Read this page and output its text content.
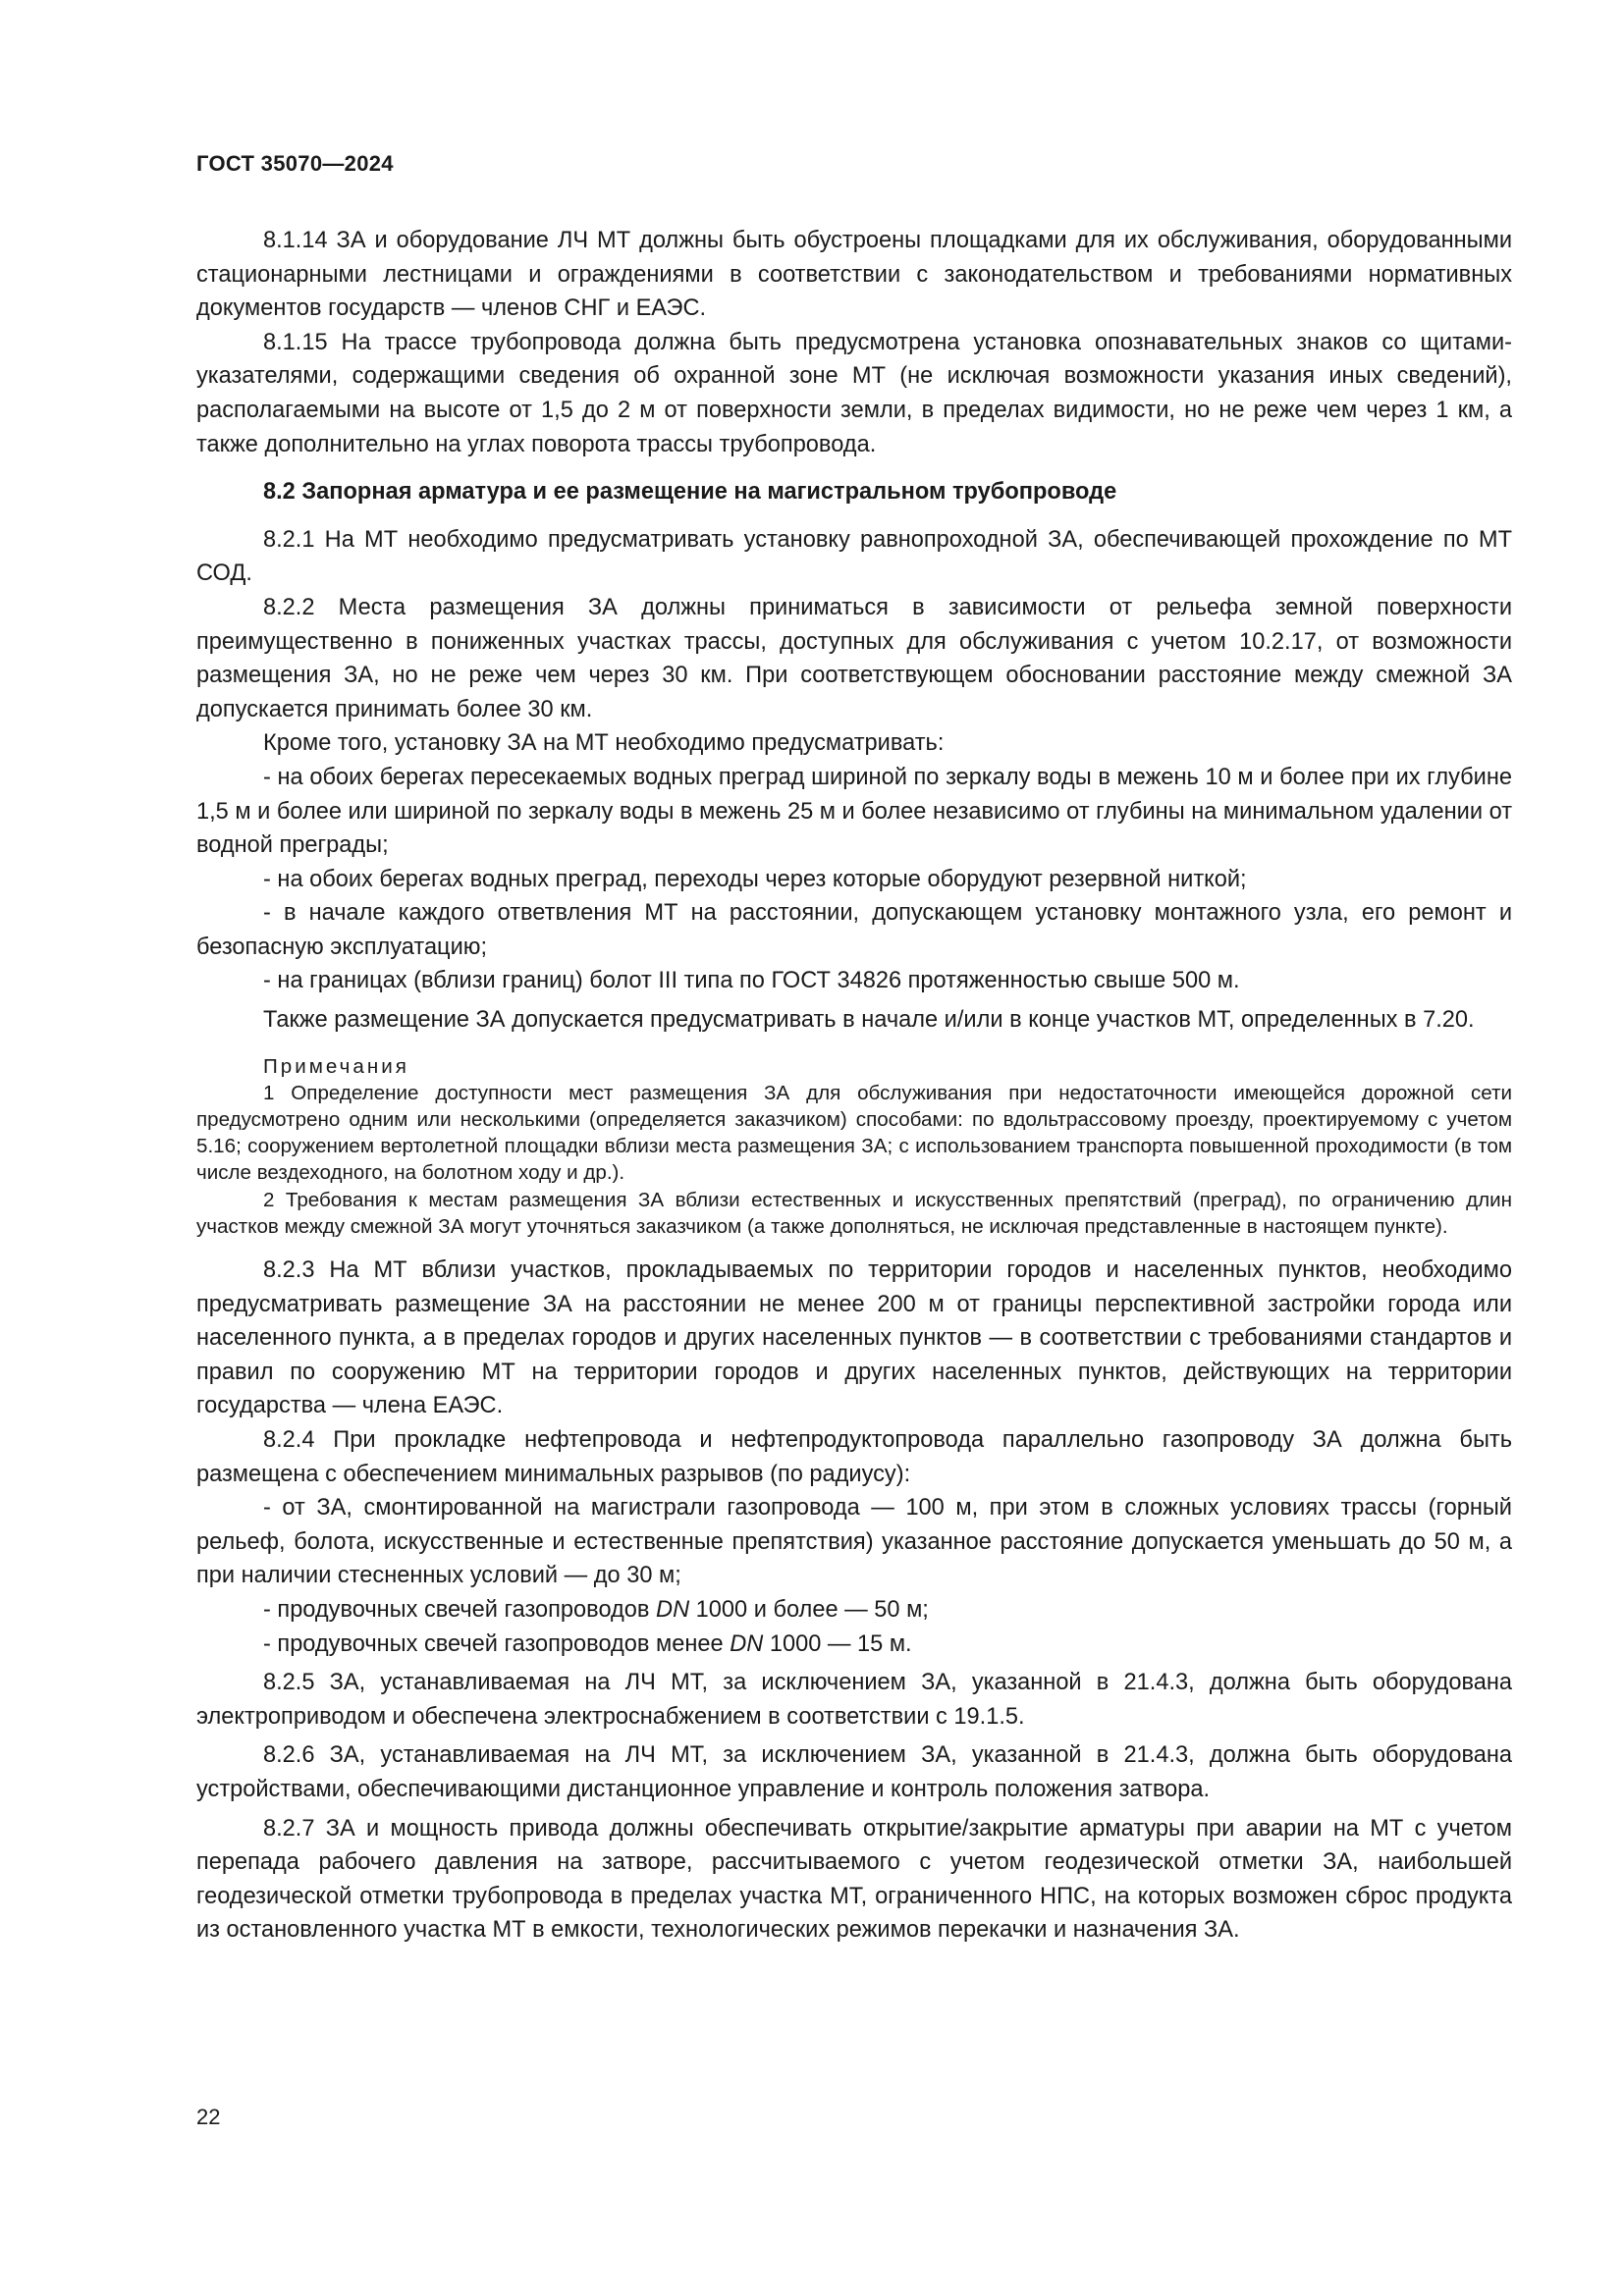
ГОСТ 35070—2024

8.1.14 ЗА и оборудование ЛЧ МТ должны быть обустроены площадками для их обслуживания, оборудованными стационарными лестницами и ограждениями в соответствии с законодательством и требованиями нормативных документов государств — членов СНГ и ЕАЭС.

8.1.15 На трассе трубопровода должна быть предусмотрена установка опознавательных знаков со щитами-указателями, содержащими сведения об охранной зоне МТ (не исключая возможности указания иных сведений), располагаемыми на высоте от 1,5 до 2 м от поверхности земли, в пределах видимости, но не реже чем через 1 км, а также дополнительно на углах поворота трассы трубопровода.

8.2 Запорная арматура и ее размещение на магистральном трубопроводе

8.2.1 На МТ необходимо предусматривать установку равнопроходной ЗА, обеспечивающей прохождение по МТ СОД.

8.2.2 Места размещения ЗА должны приниматься в зависимости от рельефа земной поверхности преимущественно в пониженных участках трассы, доступных для обслуживания с учетом 10.2.17, от возможности размещения ЗА, но не реже чем через 30 км. При соответствующем обосновании расстояние между смежной ЗА допускается принимать более 30 км.

Кроме того, установку ЗА на МТ необходимо предусматривать:

- на обоих берегах пересекаемых водных преград шириной по зеркалу воды в межень 10 м и более при их глубине 1,5 м и более или шириной по зеркалу воды в межень 25 м и более независимо от глубины на минимальном удалении от водной преграды;

- на обоих берегах водных преград, переходы через которые оборудуют резервной ниткой;

- в начале каждого ответвления МТ на расстоянии, допускающем установку монтажного узла, его ремонт и безопасную эксплуатацию;

- на границах (вблизи границ) болот III типа по ГОСТ 34826 протяженностью свыше 500 м.

Также размещение ЗА допускается предусматривать в начале и/или в конце участков МТ, определенных в 7.20.

Примечания

1 Определение доступности мест размещения ЗА для обслуживания при недостаточности имеющейся дорожной сети предусмотрено одним или несколькими (определяется заказчиком) способами: по вдольтрассовому проезду, проектируемому с учетом 5.16; сооружением вертолетной площадки вблизи места размещения ЗА; с использованием транспорта повышенной проходимости (в том числе вездеходного, на болотном ходу и др.).

2 Требования к местам размещения ЗА вблизи естественных и искусственных препятствий (преград), по ограничению длин участков между смежной ЗА могут уточняться заказчиком (а также дополняться, не исключая представленные в настоящем пункте).

8.2.3 На МТ вблизи участков, прокладываемых по территории городов и населенных пунктов, необходимо предусматривать размещение ЗА на расстоянии не менее 200 м от границы перспективной застройки города или населенного пункта, а в пределах городов и других населенных пунктов — в соответствии с требованиями стандартов и правил по сооружению МТ на территории городов и других населенных пунктов, действующих на территории государства — члена ЕАЭС.

8.2.4 При прокладке нефтепровода и нефтепродуктопровода параллельно газопроводу ЗА должна быть размещена с обеспечением минимальных разрывов (по радиусу):

- от ЗА, смонтированной на магистрали газопровода — 100 м, при этом в сложных условиях трассы (горный рельеф, болота, искусственные и естественные препятствия) указанное расстояние допускается уменьшать до 50 м, а при наличии стесненных условий — до 30 м;

- продувочных свечей газопроводов DN 1000 и более — 50 м;

- продувочных свечей газопроводов менее DN 1000 — 15 м.

8.2.5 ЗА, устанавливаемая на ЛЧ МТ, за исключением ЗА, указанной в 21.4.3, должна быть оборудована электроприводом и обеспечена электроснабжением в соответствии с 19.1.5.

8.2.6 ЗА, устанавливаемая на ЛЧ МТ, за исключением ЗА, указанной в 21.4.3, должна быть оборудована устройствами, обеспечивающими дистанционное управление и контроль положения затвора.

8.2.7 ЗА и мощность привода должны обеспечивать открытие/закрытие арматуры при аварии на МТ с учетом перепада рабочего давления на затворе, рассчитываемого с учетом геодезической отметки ЗА, наибольшей геодезической отметки трубопровода в пределах участка МТ, ограниченного НПС, на которых возможен сброс продукта из остановленного участка МТ в емкости, технологических режимов перекачки и назначения ЗА.

22
